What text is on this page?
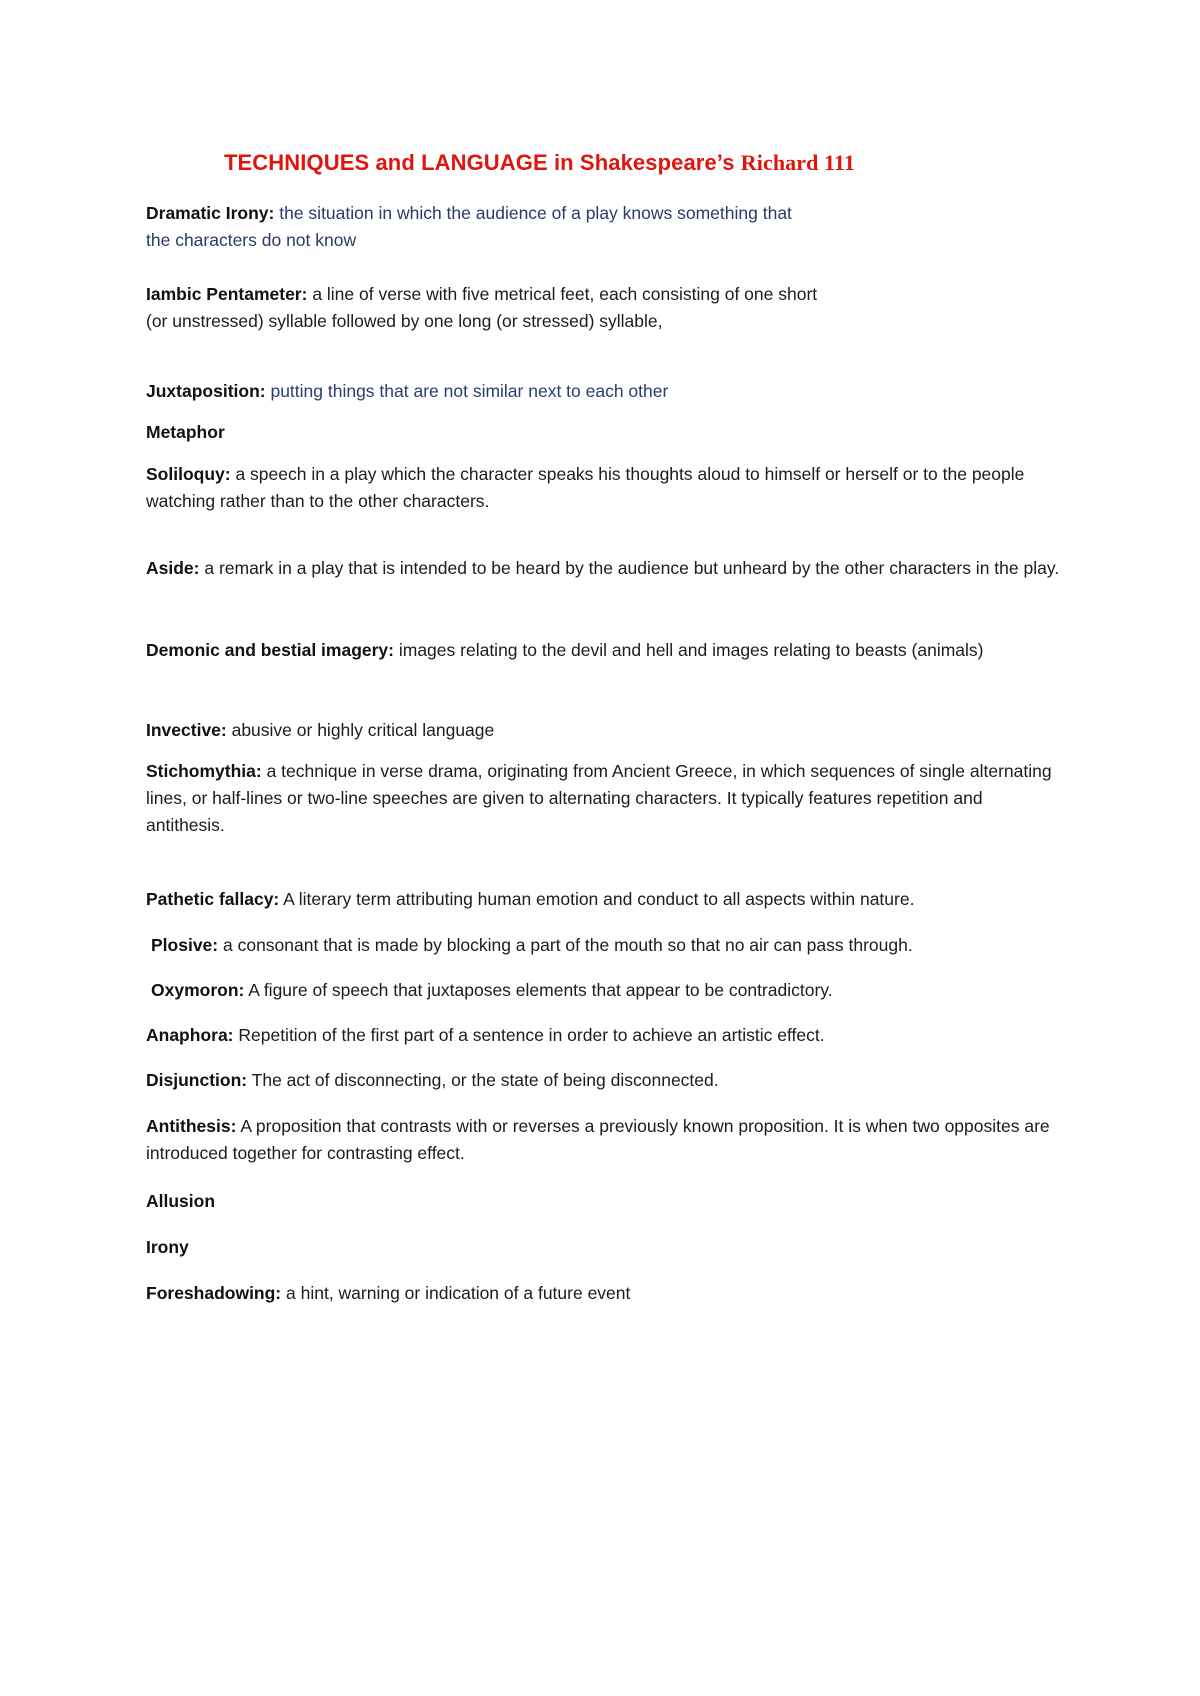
TECHNIQUES and LANGUAGE in Shakespeare’s Richard 111
Dramatic Irony: the situation in which the audience of a play knows something that
the characters do not know
Iambic Pentameter: a line of verse with five metrical feet, each consisting of one short
(or unstressed) syllable followed by one long (or stressed) syllable,
Juxtaposition: putting things that are not similar next to each other
Metaphor
Soliloquy: a speech in a play which the character speaks his thoughts aloud to himself or herself or to the people watching rather than to the other characters.
Aside: a remark in a play that is intended to be heard by the audience but unheard by the other characters in the play.
Demonic and bestial imagery: images relating to the devil and hell and images relating to beasts (animals)
Invective: abusive or highly critical language
Stichomythia: a technique in verse drama, originating from Ancient Greece, in which sequences of single alternating lines, or half-lines or two-line speeches are given to alternating characters. It typically features repetition and antithesis.
Pathetic fallacy: A literary term attributing human emotion and conduct to all aspects within nature.
Plosive: a consonant that is made by blocking a part of the mouth so that no air can pass through.
Oxymoron: A figure of speech that juxtaposes elements that appear to be contradictory.
Anaphora: Repetition of the first part of a sentence in order to achieve an artistic effect.
Disjunction: The act of disconnecting, or the state of being disconnected.
Antithesis: A proposition that contrasts with or reverses a previously known proposition. It is when two opposites are introduced together for contrasting effect.
Allusion
Irony
Foreshadowing: a hint, warning or indication of a future event
